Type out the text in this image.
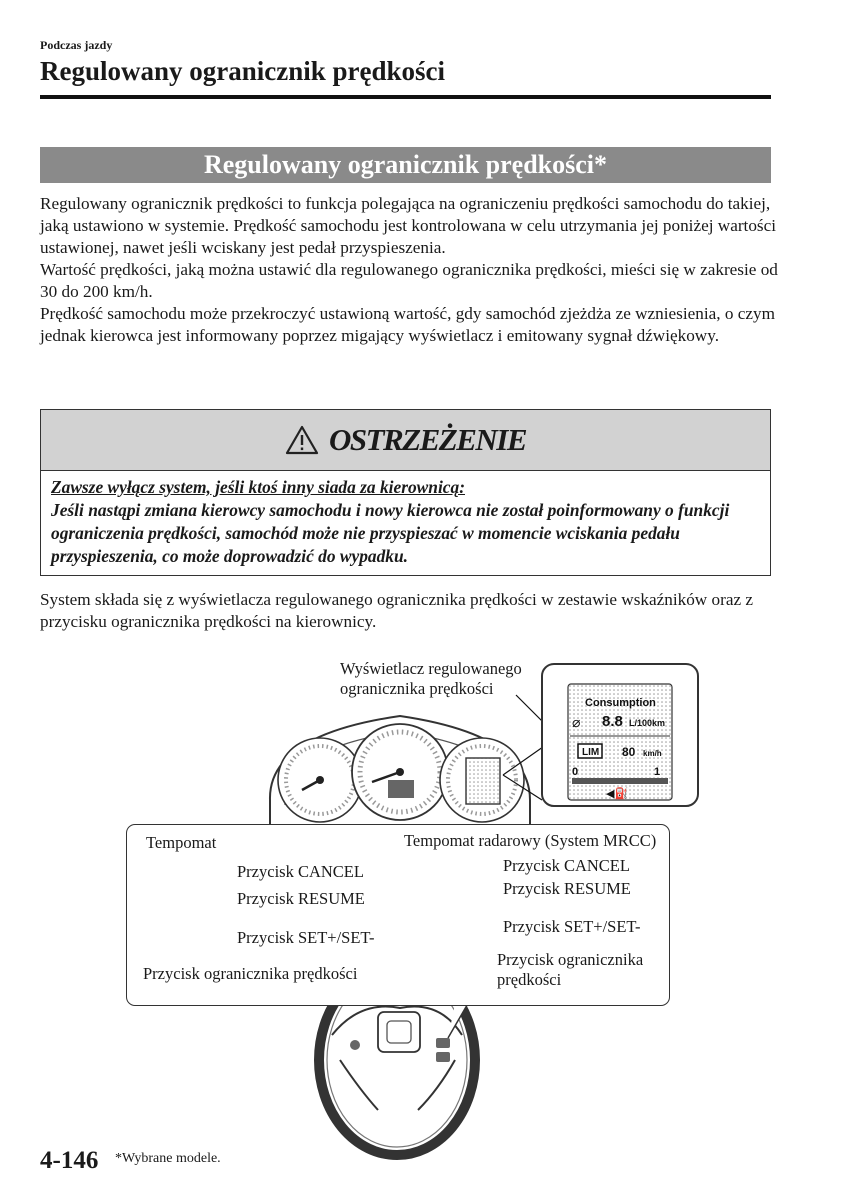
Podczas jazdy
Regulowany ogranicznik prędkości
Regulowany ogranicznik prędkości*

Regulowany ogranicznik prędkości to funkcja polegająca na ograniczeniu prędkości samochodu do takiej, jaką ustawiono w systemie. Prędkość samochodu jest kontrolowana w celu utrzymania jej poniżej wartości ustawionej, nawet jeśli wciskany jest pedał przyspieszenia.

Wartość prędkości, jaką można ustawić dla regulowanego ogranicznika prędkości, mieści się w zakresie od 30 do 200 km/h.

Prędkość samochodu może przekroczyć ustawioną wartość, gdy samochód zjeżdża ze wzniesienia, o czym jednak kierowca jest informowany poprzez migający wyświetlacz i emitowany sygnał dźwiękowy.

OSTRZEŻENIE
Zawsze wyłącz system, jeśli ktoś inny siada za kierownicą:
Jeśli nastąpi zmiana kierowcy samochodu i nowy kierowca nie został poinformowany o funkcji ograniczenia prędkości, samochód może nie przyspieszać w momencie wciskania pedału przyspieszenia, co może doprowadzić do wypadku.
System składa się z wyświetlacza regulowanego ogranicznika prędkości w zestawie wskaźników oraz z przycisku ogranicznika prędkości na kierownicy.
Consumption
⌀ 8.8 L/100km
LIM 80 km/h
0	1
◀⛽
Wyświetlacz regulowanego ogranicznika prędkości
Tempomat
Przycisk CANCEL
Przycisk RESUME
Przycisk SET+/SET-
Przycisk ogranicznika prędkości
Tempomat radarowy (System MRCC)
Przycisk CANCEL
Przycisk RESUME
Przycisk SET+/SET-
Przycisk ogranicznika prędkości
4-146 *Wybrane modele.
